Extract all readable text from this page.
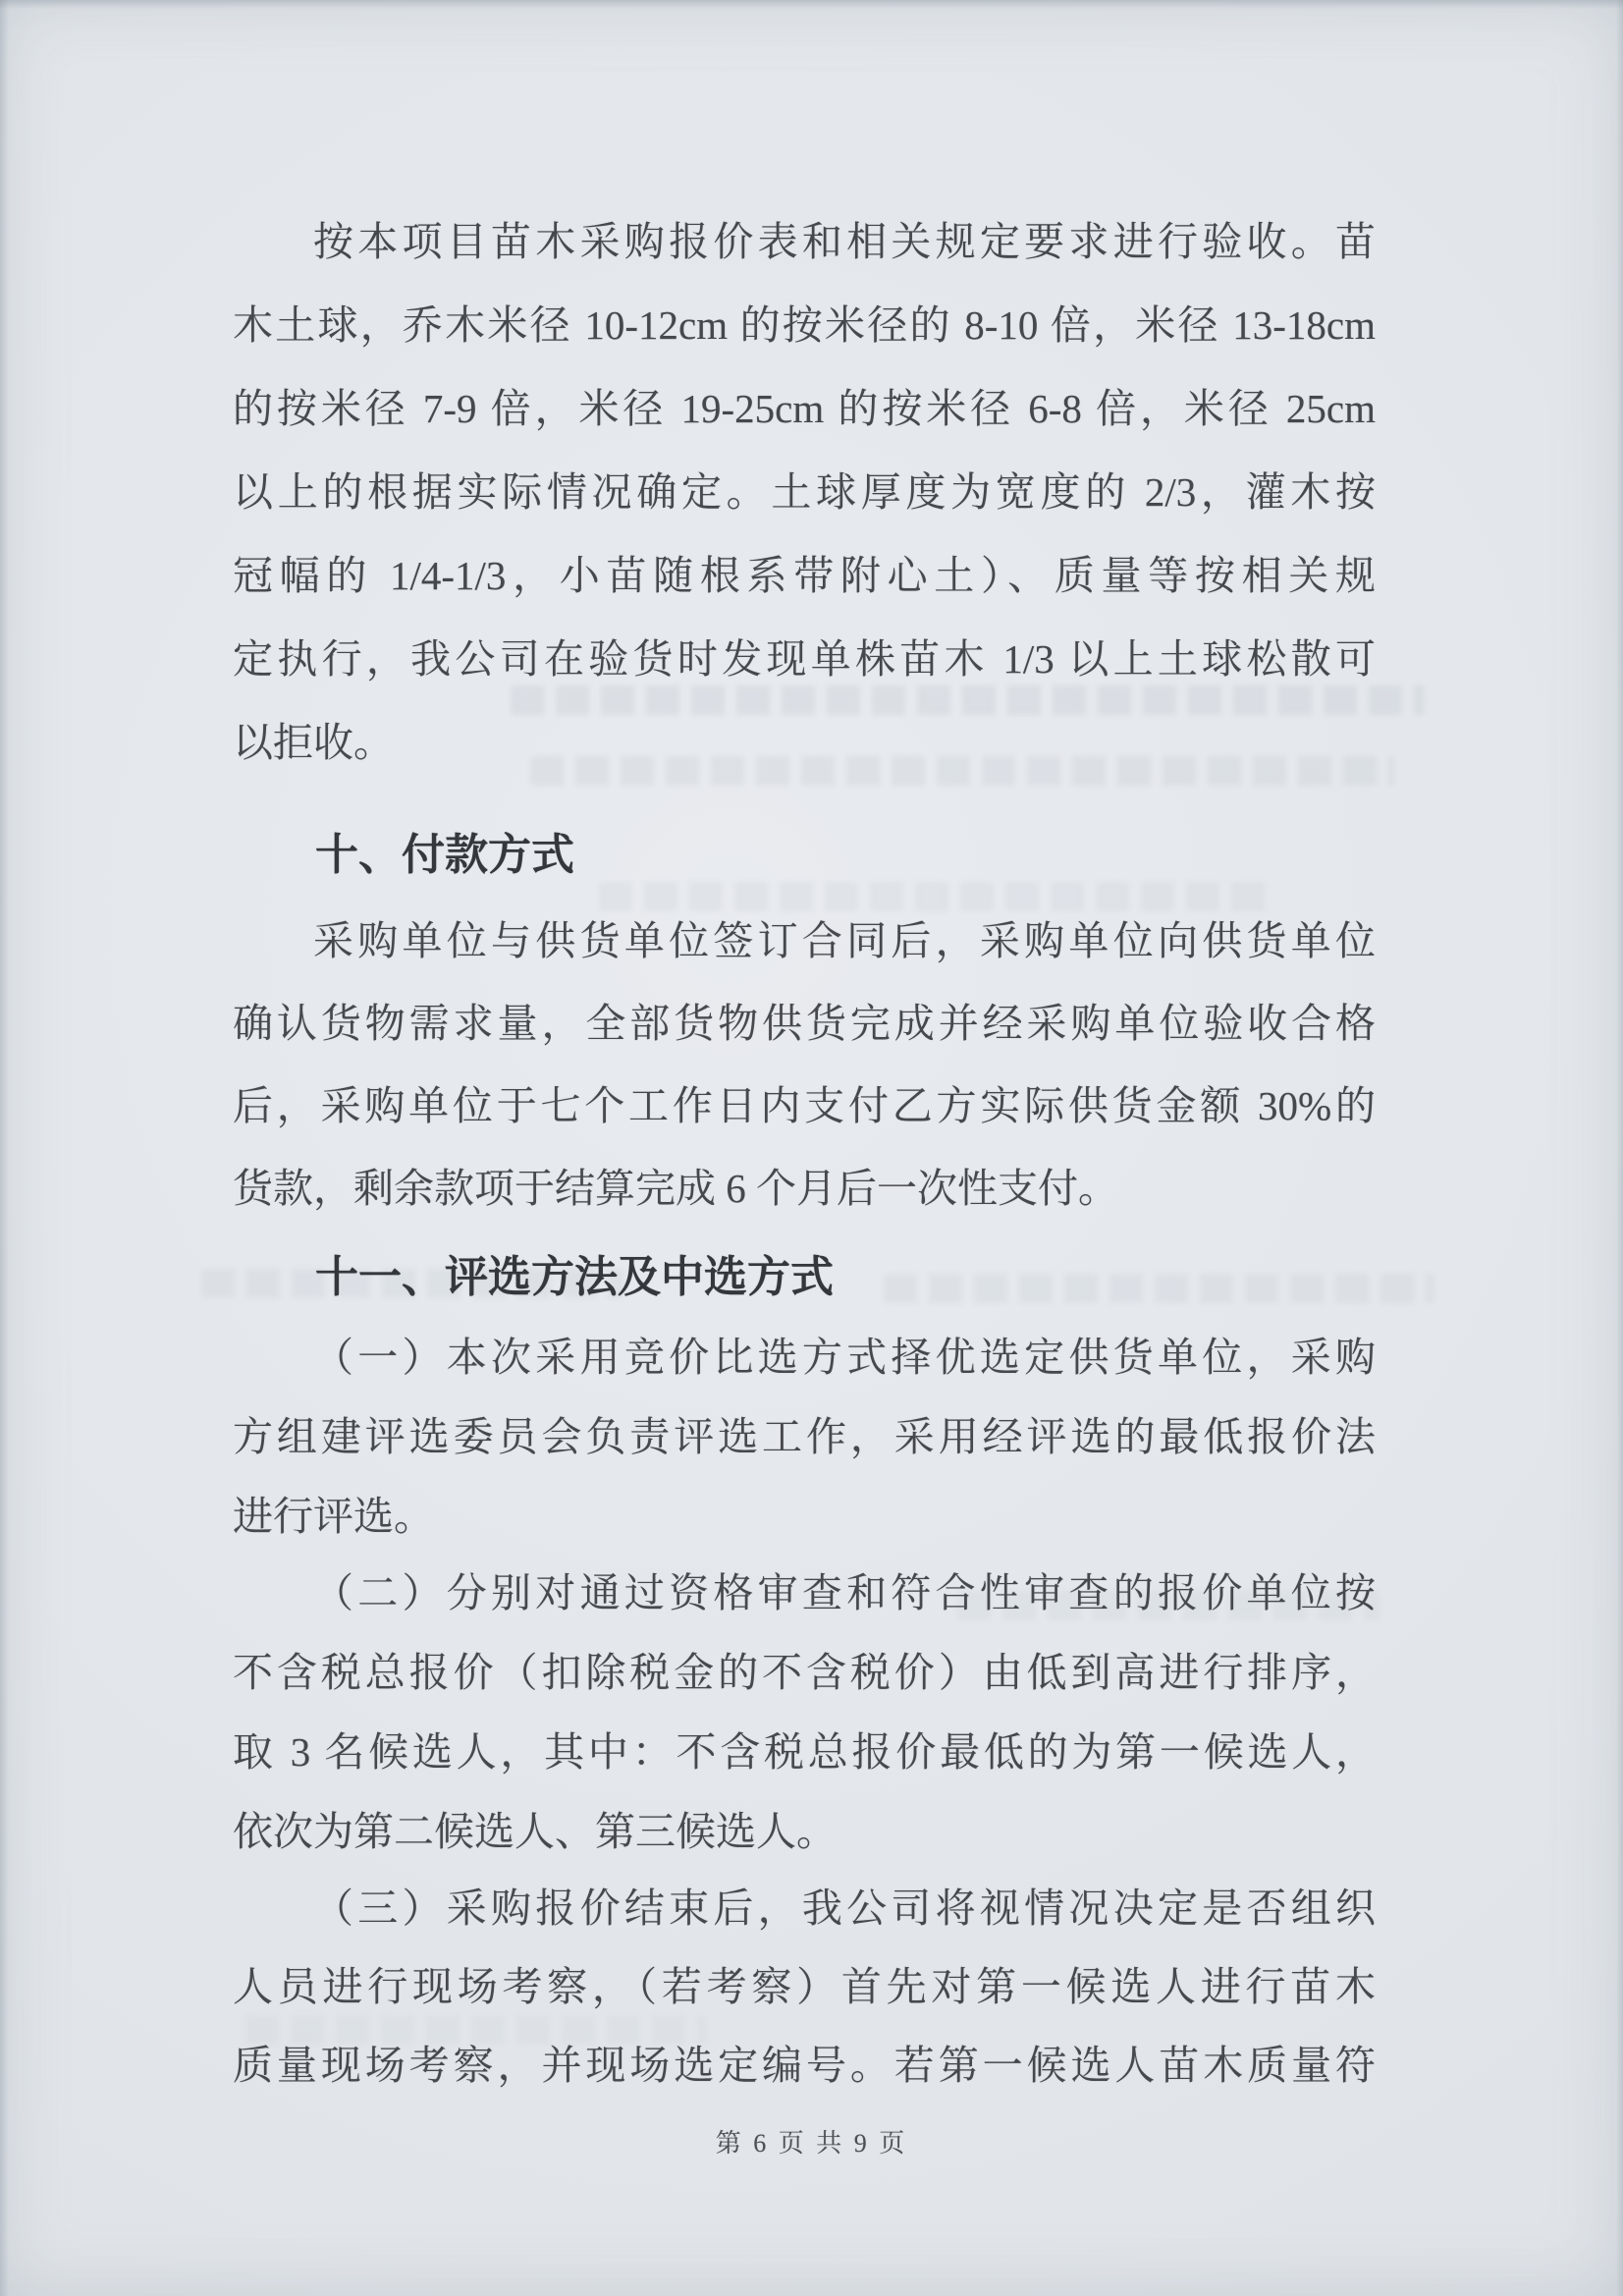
按本项目苗木采购报价表和相关规定要求进行验收。苗
木土球，乔木米径 10-12cm 的按米径的 8-10 倍，米径 13-18cm
的按米径 7-9 倍，米径 19-25cm 的按米径 6-8 倍，米径 25cm
以上的根据实际情况确定。土球厚度为宽度的 2/3，灌木按
冠幅的 1/4-1/3，小苗随根系带附心土）、质量等按相关规
定执行，我公司在验货时发现单株苗木 1/3 以上土球松散可
以拒收。
十、付款方式
采购单位与供货单位签订合同后，采购单位向供货单位
确认货物需求量，全部货物供货完成并经采购单位验收合格
后，采购单位于七个工作日内支付乙方实际供货金额 30%的
货款，剩余款项于结算完成 6 个月后一次性支付。
十一、评选方法及中选方式
（一）本次采用竞价比选方式择优选定供货单位，采购
方组建评选委员会负责评选工作，采用经评选的最低报价法
进行评选。
（二）分别对通过资格审查和符合性审查的报价单位按
不含税总报价（扣除税金的不含税价）由低到高进行排序，
取 3 名候选人，其中：不含税总报价最低的为第一候选人，
依次为第二候选人、第三候选人。
（三）采购报价结束后，我公司将视情况决定是否组织
人员进行现场考察，（若考察）首先对第一候选人进行苗木
质量现场考察，并现场选定编号。若第一候选人苗木质量符
第 6 页 共 9 页
